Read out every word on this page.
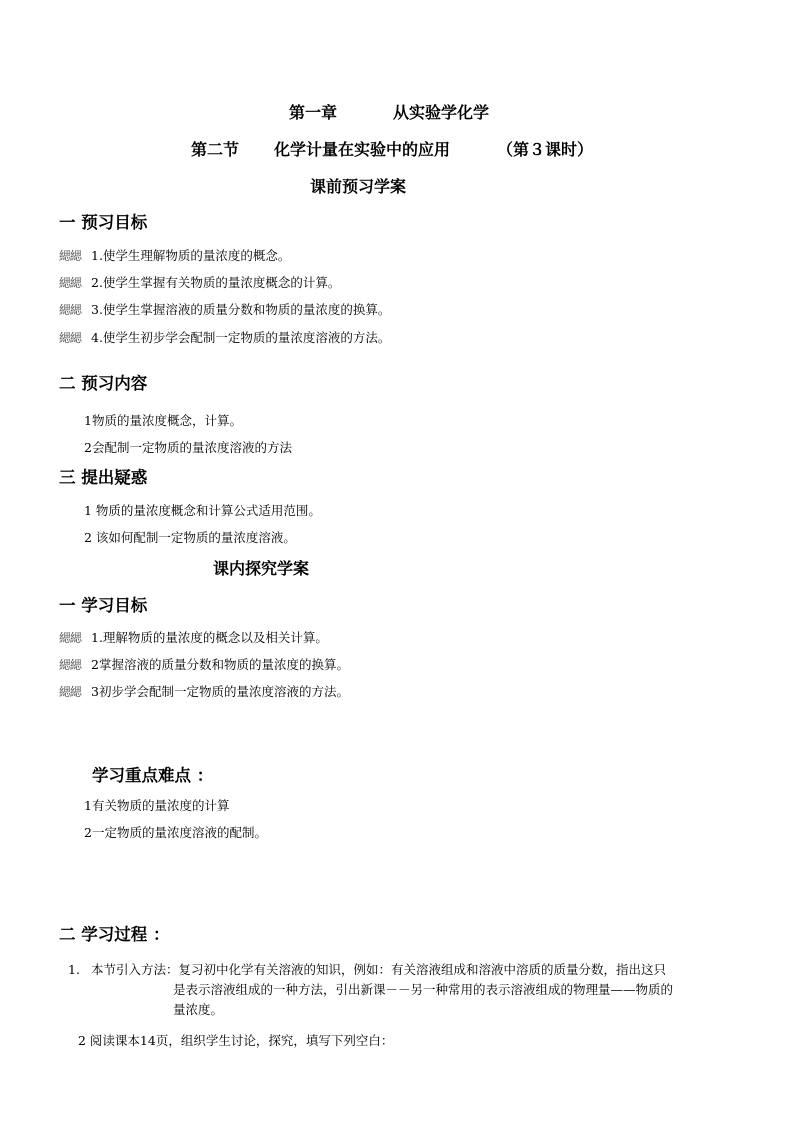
第一章	从实验学化学
第二节 化学计量在实验中的应用	（第３课时）
课前预习学案
一 预习目标
緦緦 1.使学生理解物质的量浓度的概念。
緦緦 2.使学生掌握有关物质的量浓度概念的计算。
緦緦 3.使学生掌握溶液的质量分数和物质的量浓度的换算。
緦緦 4.使学生初步学会配制一定物质的量浓度溶液的方法。
二 预习内容
1物质的量浓度概念，计算。
2会配制一定物质的量浓度溶液的方法
三 提出疑惑
1 物质的量浓度概念和计算公式适用范围。
2 该如何配制一定物质的量浓度溶液。
课内探究学案
一 学习目标
緦緦 1.理解物质的量浓度的概念以及相关计算。
緦緦 2掌握溶液的质量分数和物质的量浓度的换算。
緦緦 3初步学会配制一定物质的量浓度溶液的方法。
学习重点难点 ：
1有关物质的量浓度的计算
2一定物质的量浓度溶液的配制。
二 学习过程 ：
1. 本节引入方法：复习初中化学有关溶液的知识，例如：有关溶液组成和溶液中溶质的质量分数，指出这只
是表示溶液组成的一种方法，引出新课－－另一种常用的表示溶液组成的物理量——物质的
量浓度。
2 阅读课本14页，组织学生讨论，探究，填写下列空白：
